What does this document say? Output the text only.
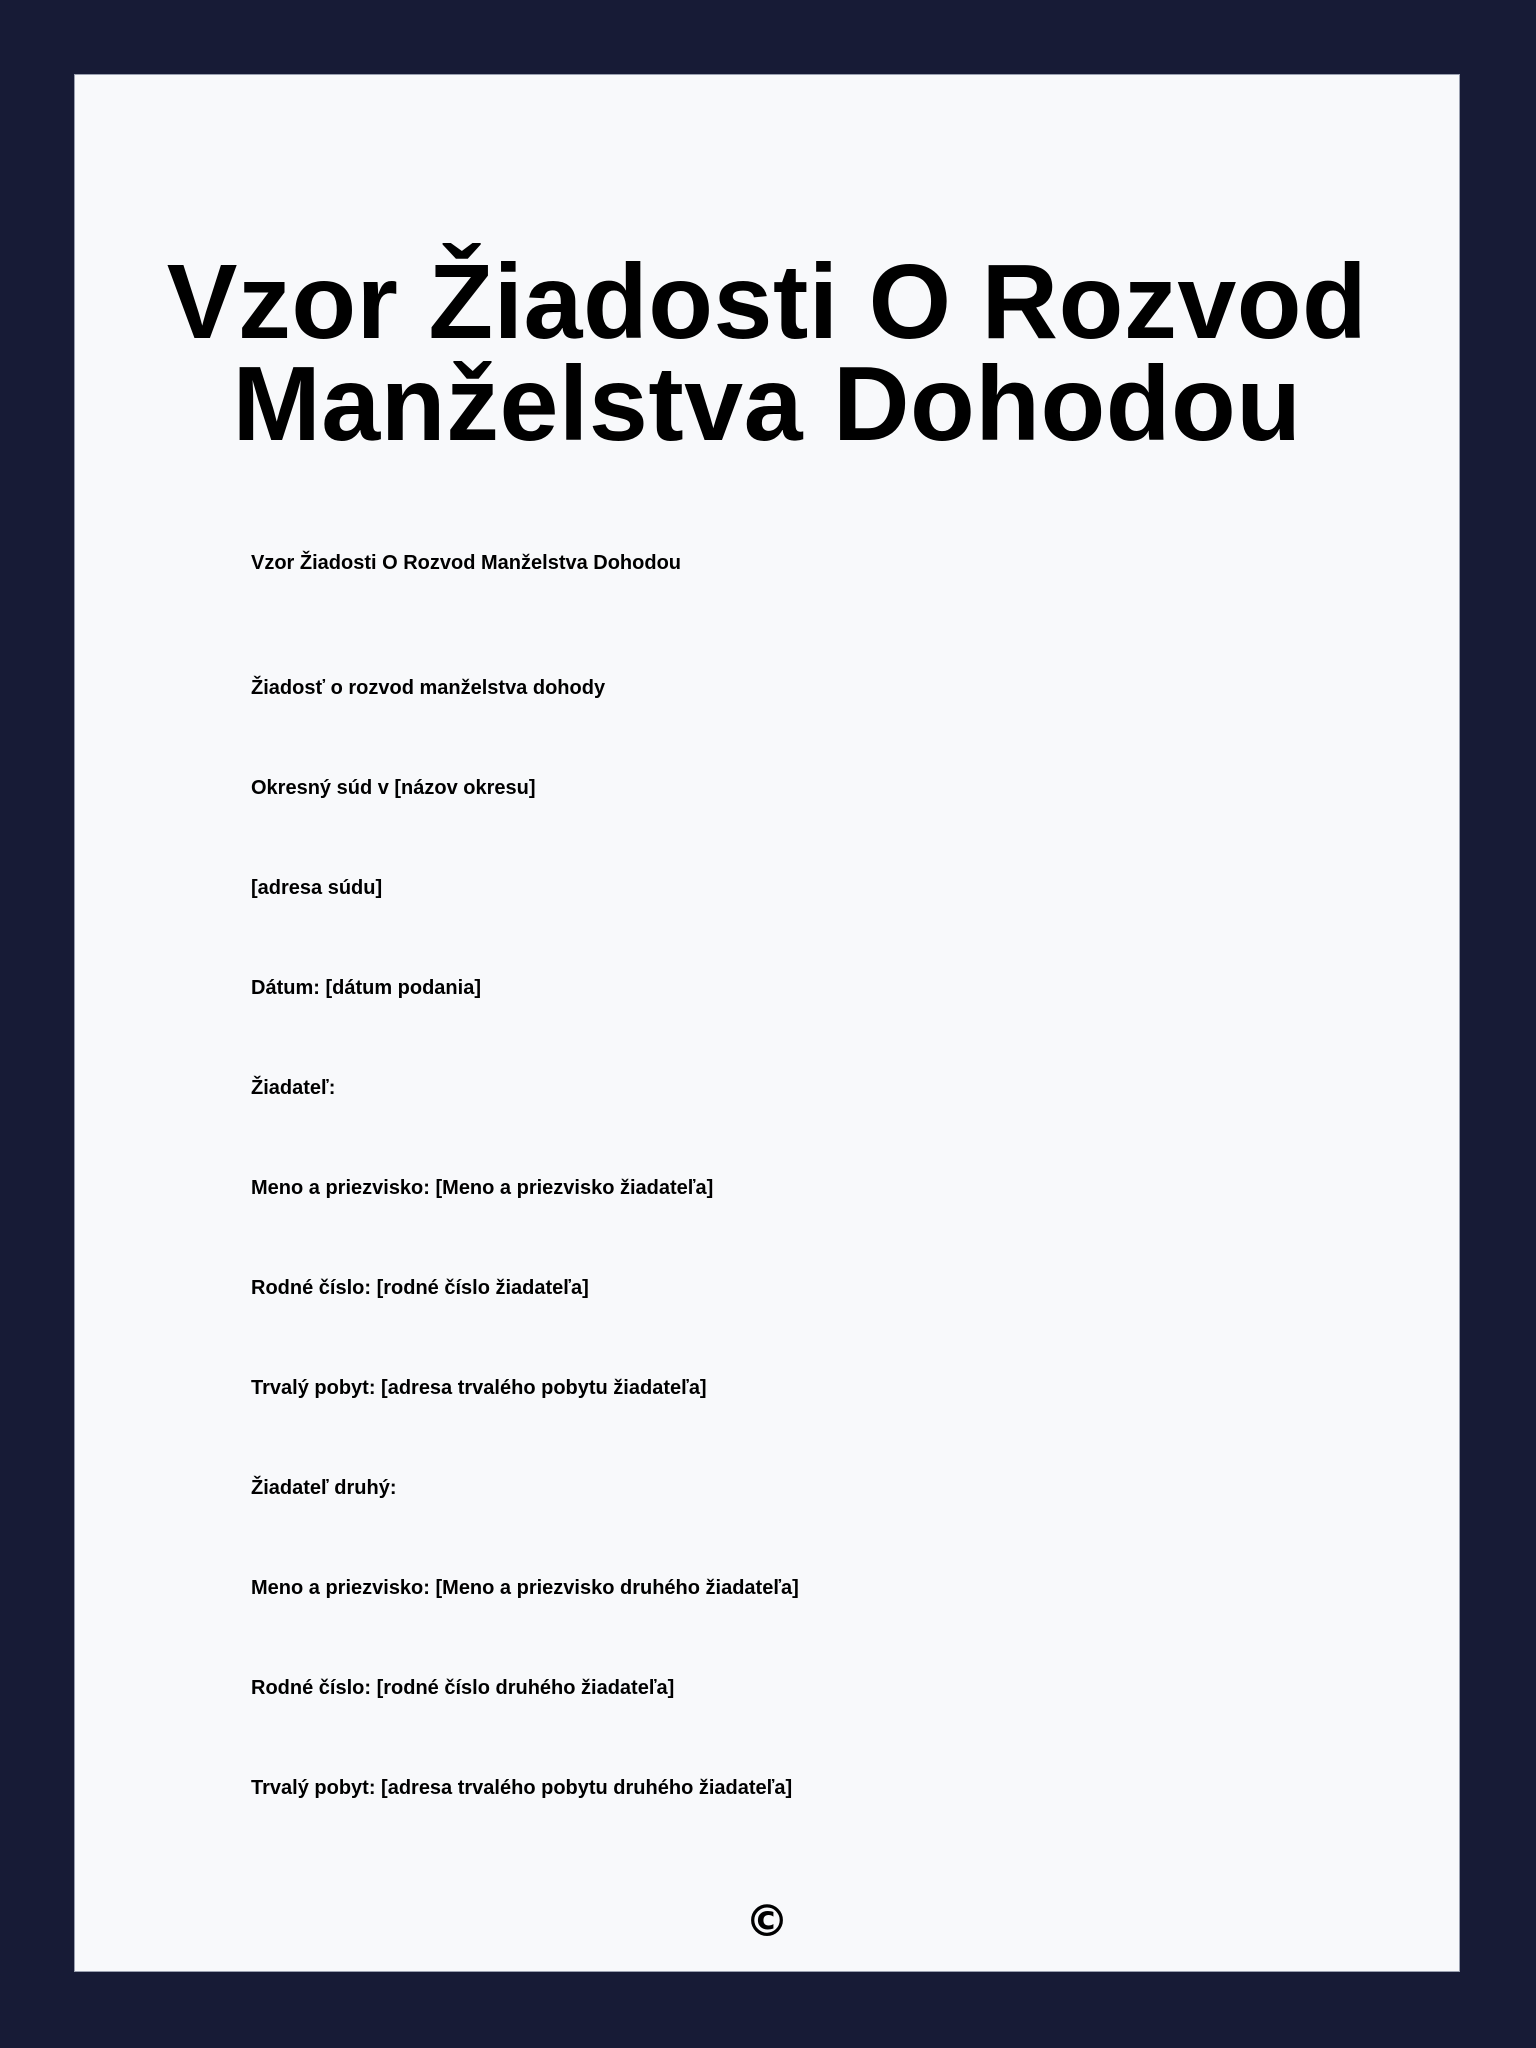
Vzor Žiadosti O Rozvod
Manželstva Dohodou

Vzor Žiadosti O Rozvod Manželstva Dohodou

Žiadosť o rozvod manželstva dohody
Okresný súd v [názov okresu]
[adresa súdu]
Dátum: [dátum podania]
Žiadateľ:
Meno a priezvisko: [Meno a priezvisko žiadateľa]
Rodné číslo: [rodné číslo žiadateľa]
Trvalý pobyt: [adresa trvalého pobytu žiadateľa]
Žiadateľ druhý:
Meno a priezvisko: [Meno a priezvisko druhého žiadateľa]
Rodné číslo: [rodné číslo druhého žiadateľa]
Trvalý pobyt: [adresa trvalého pobytu druhého žiadateľa]
©
